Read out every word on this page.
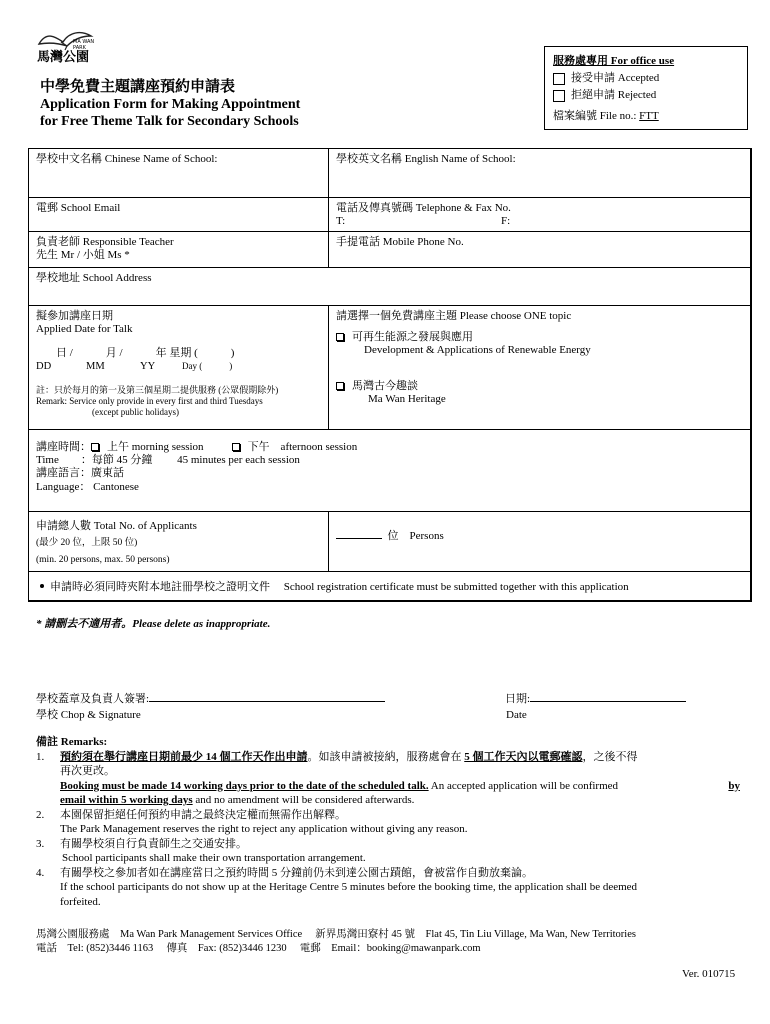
馬灣公園
MA WAN PARK
服務處專用 For office use
接受申請 Accepted
拒絕申請 Rejected
檔案編號 File no.:
FTT
中學免費主題講座預約申請表
Application Form for Making Appointment
for Free Theme Talk for Secondary Schools
學校中文名稱 Chinese Name of School:	學校英文名稱 English Name of School:
電郵 School Email	電話及傳真號碼 Telephone & Fax No.
T:	F:
負責老師 Responsible Teacher
先生 Mr / 小姐 Ms *
手提電話 Mobile Phone No.
學校地址 School Address
擬參加講座日期
Applied Date for Talk
日 /　　　月 /　　　年 星期 (　　　)
DD	MM	YY	Day (　　　)
註：只於每月的第一及第三個星期二提供服務 (公眾假期除外)
Remark: Service only provide in every first and third Tuesdays
(except public holidays)
請選擇一個免費講座主題 Please choose ONE topic
可再生能源之發展與應用
Development & Applications of Renewable Energy
馬灣古今趣談
Ma Wan Heritage
講座時間： 上午 morning session	下午　afternoon session
Time　　：每節 45 分鐘　　 45 minutes per each session
講座語言：廣東話
Language： Cantonese
申請總人數 Total No. of Applicants
(最少 20 位，上限 50 位)
(min. 20 persons, max. 50 persons)
位　Persons
申請時必須同時夾附本地註冊學校之證明文件 School registration certificate must be submitted together with this application
* 請刪去不適用者。Please delete as inappropriate.
學校蓋章及負責人簽署:
學校 Chop & Signature
日期:
Date
備註 Remarks:
1.	預約須在舉行講座日期前最少 14 個工作天作出申請。如該申請被接納，服務處會在 5 個工作天內以電郵確認，之後不得
再次更改。
Booking must be made 14 working days prior to the date of the scheduled talk. An accepted application will be confirmed	by
email within 5 working days and no amendment will be considered afterwards.
2.	本園保留拒絕任何預約申請之最終決定權而無需作出解釋。
The Park Management reserves the right to reject any application without giving any reason.
3.	有關學校須自行負責師生之交通安排。
School participants shall make their own transportation arrangement.
4.	有關學校之參加者如在講座當日之預約時間 5 分鐘前仍未到達公園古蹟館，會被當作自動放棄論。
If the school participants do not show up at the Heritage Centre 5 minutes before the booking time, the application shall be deemed
forfeited.
馬灣公園服務處　Ma Wan Park Management Services Office　 新界馬灣田寮村 45 號　Flat 45, Tin Liu Village, Ma Wan, New Territories
電話　Tel: (852)3446 1163　 傳真　Fax: (852)3446 1230　 電郵　Email：booking@mawanpark.com
Ver. 010715
